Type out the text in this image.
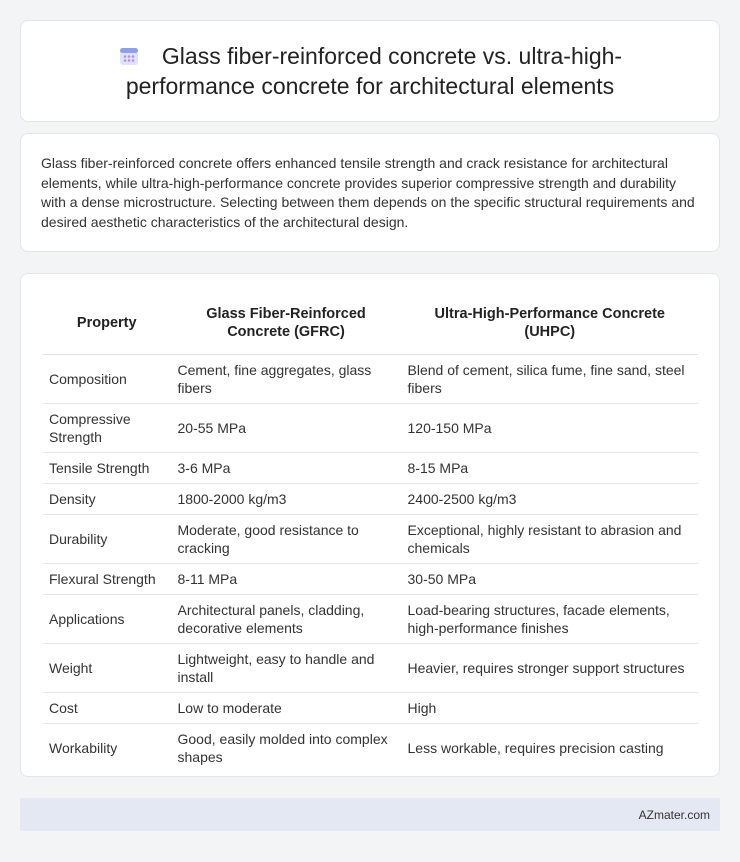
Glass fiber-reinforced concrete vs. ultra-high-performance concrete for architectural elements

Glass fiber-reinforced concrete offers enhanced tensile strength and crack resistance for architectural elements, while ultra-high-performance concrete provides superior compressive strength and durability with a dense microstructure. Selecting between them depends on the specific structural requirements and desired aesthetic characteristics of the architectural design.

Property	Glass Fiber-Reinforced Concrete (GFRC)	Ultra-High-Performance Concrete (UHPC)
Composition	Cement, fine aggregates, glass fibers	Blend of cement, silica fume, fine sand, steel fibers
Compressive Strength	20-55 MPa	120-150 MPa
Tensile Strength	3-6 MPa	8-15 MPa
Density	1800-2000 kg/m3	2400-2500 kg/m3
Durability	Moderate, good resistance to cracking	Exceptional, highly resistant to abrasion and chemicals
Flexural Strength	8-11 MPa	30-50 MPa
Applications	Architectural panels, cladding, decorative elements	Load-bearing structures, facade elements, high-performance finishes
Weight	Lightweight, easy to handle and install	Heavier, requires stronger support structures
Cost	Low to moderate	High
Workability	Good, easily molded into complex shapes	Less workable, requires precision casting
AZmater.com
